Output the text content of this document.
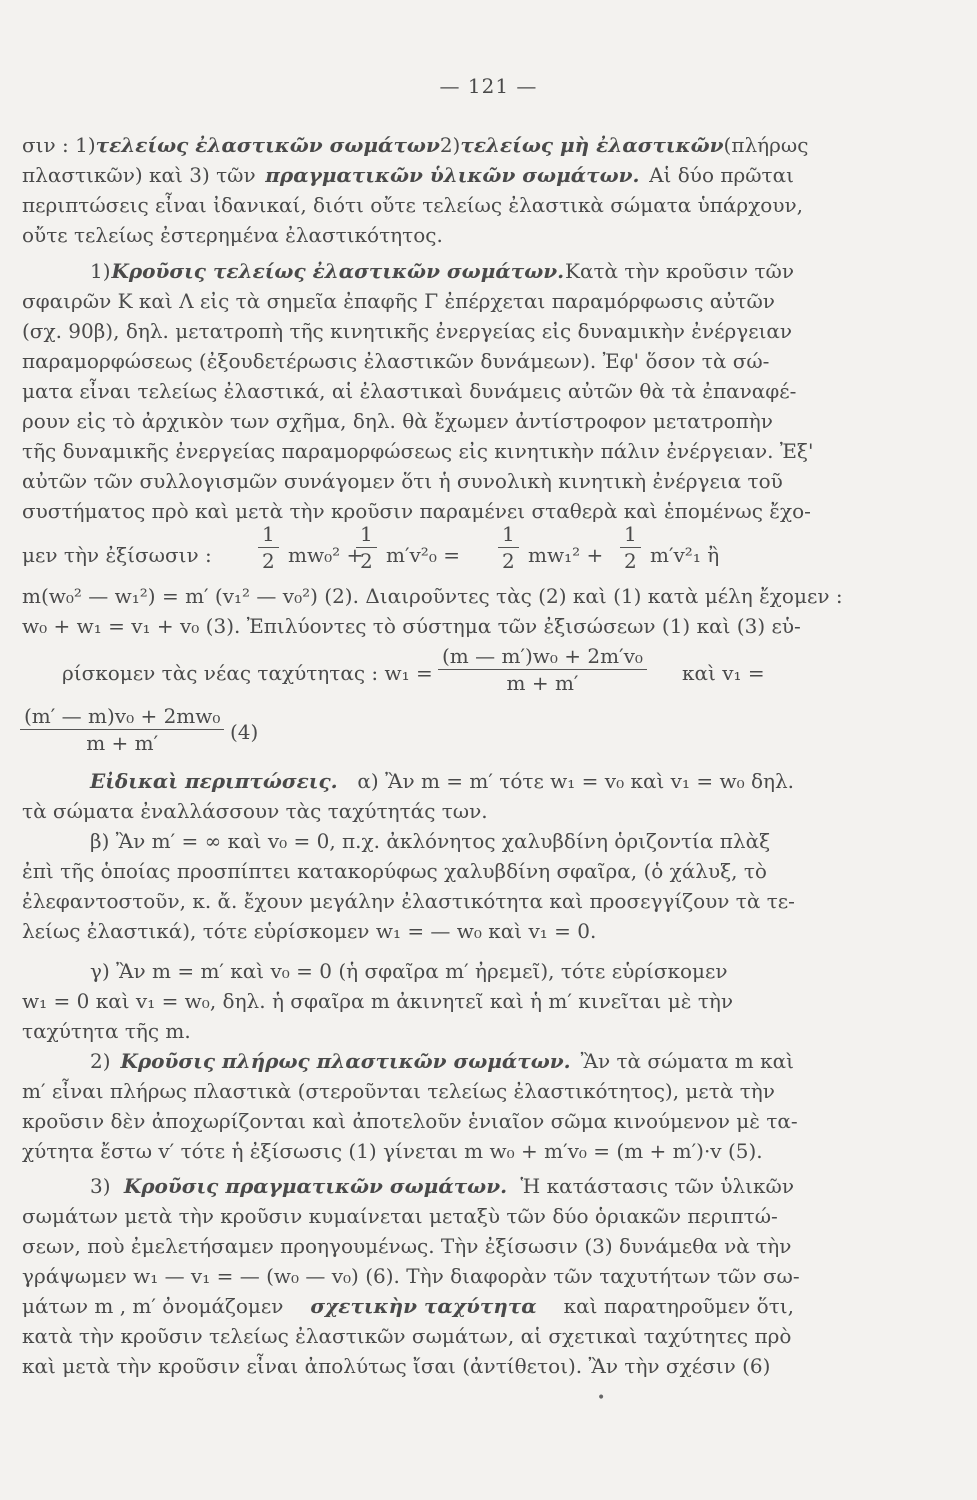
— 121 —
σιν : 1) τελείως ἐλαστικῶν σωμάτων 2) τελείως μὴ ἐλαστικῶν (πλήρως
πλαστικῶν) καὶ 3) τῶν πραγματικῶν ὑλικῶν σωμάτων. Αἱ δύο πρῶται
περιπτώσεις εἶναι ἰδανικαί, διότι οὔτε τελείως ἐλαστικὰ σώματα ὑπάρχουν,
οὔτε τελείως ἐστερημένα ἐλαστικότητος.
1) Κροῦσις τελείως ἐλαστικῶν σωμάτων. Κατὰ τὴν κροῦσιν τῶν
σφαιρῶν Κ καὶ Λ εἰς τὰ σημεῖα ἐπαφῆς Γ ἐπέρχεται παραμόρφωσις αὐτῶν
(σχ. 90β), δηλ. μετατροπὴ τῆς κινητικῆς ἐνεργείας εἰς δυναμικὴν ἐνέργειαν
παραμορφώσεως (ἐξουδετέρωσις ἐλαστικῶν δυνάμεων). Ἐφ' ὅσον τὰ σώ-
ματα εἶναι τελείως ἐλαστικά, αἱ ἐλαστικαὶ δυνάμεις αὐτῶν θὰ τὰ ἐπαναφέ-
ρουν εἰς τὸ ἀρχικὸν των σχῆμα, δηλ. θὰ ἔχωμεν ἀντίστροφον μετατροπὴν
τῆς δυναμικῆς ἐνεργείας παραμορφώσεως εἰς κινητικὴν πάλιν ἐνέργειαν. Ἐξ'
αὐτῶν τῶν συλλογισμῶν συνάγομεν ὅτι ἡ συνολικὴ κινητικὴ ἐνέργεια τοῦ
συστήματος πρὸ καὶ μετὰ τὴν κροῦσιν παραμένει σταθερὰ καὶ ἑπομένως ἔχο-
μεν τὴν ἐξίσωσιν :
1
2 mw₀² +
1
2 m′v²₀ =
1
2 mw₁² +
1
2 m′v²₁ ἢ
m(w₀² — w₁²) = m′ (v₁² — v₀²) (2). Διαιροῦντες τὰς (2) καὶ (1) κατὰ μέλη ἔχομεν :
w₀ + w₁ = v₁ + v₀ (3). Ἐπιλύοντες τὸ σύστημα τῶν ἐξισώσεων (1) καὶ (3) εὑ-
ρίσκομεν τὰς νέας ταχύτητας : w₁ =
(m — m′)w₀ + 2m′v₀
m + m′	καὶ v₁ =
(m′ — m)v₀ + 2mw₀
m + m′	(4)
Εἰδικαὶ περιπτώσεις. α) Ἂν m = m′ τότε w₁ = v₀ καὶ v₁ = w₀ δηλ.
τὰ σώματα ἐναλλάσσουν τὰς ταχύτητάς των.
β) Ἂν m′ = ∞ καὶ v₀ = 0, π.χ. ἀκλόνητος χαλυβδίνη ὁριζοντία πλὰξ
ἐπὶ τῆς ὁποίας προσπίπτει κατακορύφως χαλυβδίνη σφαῖρα, (ὁ χάλυξ, τὸ
ἐλεφαντοστοῦν, κ. ἄ. ἔχουν μεγάλην ἐλαστικότητα καὶ προσεγγίζουν τὰ τε-
λείως ἐλαστικά), τότε εὑρίσκομεν w₁ = — w₀ καὶ v₁ = 0.
γ) Ἂν m = m′ καὶ v₀ = 0 (ἡ σφαῖρα m′ ἠρεμεῖ), τότε εὑρίσκομεν
w₁ = 0 καὶ v₁ = w₀, δηλ. ἡ σφαῖρα m ἀκινητεῖ καὶ ἡ m′ κινεῖται μὲ τὴν
ταχύτητα τῆς m.
2) Κροῦσις πλήρως πλαστικῶν σωμάτων. Ἂν τὰ σώματα m καὶ
m′ εἶναι πλήρως πλαστικὰ (στεροῦνται τελείως ἐλαστικότητος), μετὰ τὴν
κροῦσιν δὲν ἀποχωρίζονται καὶ ἀποτελοῦν ἑνιαῖον σῶμα κινούμενον μὲ τα-
χύτητα ἔστω v′ τότε ἡ ἐξίσωσις (1) γίνεται m w₀ + m′v₀ = (m + m′)·v (5).
3) Κροῦσις πραγματικῶν σωμάτων. Ἡ κατάστασις τῶν ὑλικῶν
σωμάτων μετὰ τὴν κροῦσιν κυμαίνεται μεταξὺ τῶν δύο ὁριακῶν περιπτώ-
σεων, ποὺ ἐμελετήσαμεν προηγουμένως. Τὴν ἐξίσωσιν (3) δυνάμεθα νὰ τὴν
γράψωμεν w₁ — v₁ = — (w₀ — v₀) (6). Τὴν διαφορὰν τῶν ταχυτήτων τῶν σω-
μάτων m , m′ ὀνομάζομεν σχετικὴν ταχύτητα καὶ παρατηροῦμεν ὅτι,
κατὰ τὴν κροῦσιν τελείως ἐλαστικῶν σωμάτων, αἱ σχετικαὶ ταχύτητες πρὸ
καὶ μετὰ τὴν κροῦσιν εἶναι ἀπολύτως ἴσαι (ἀντίθετοι). Ἂν τὴν σχέσιν (6)
•
